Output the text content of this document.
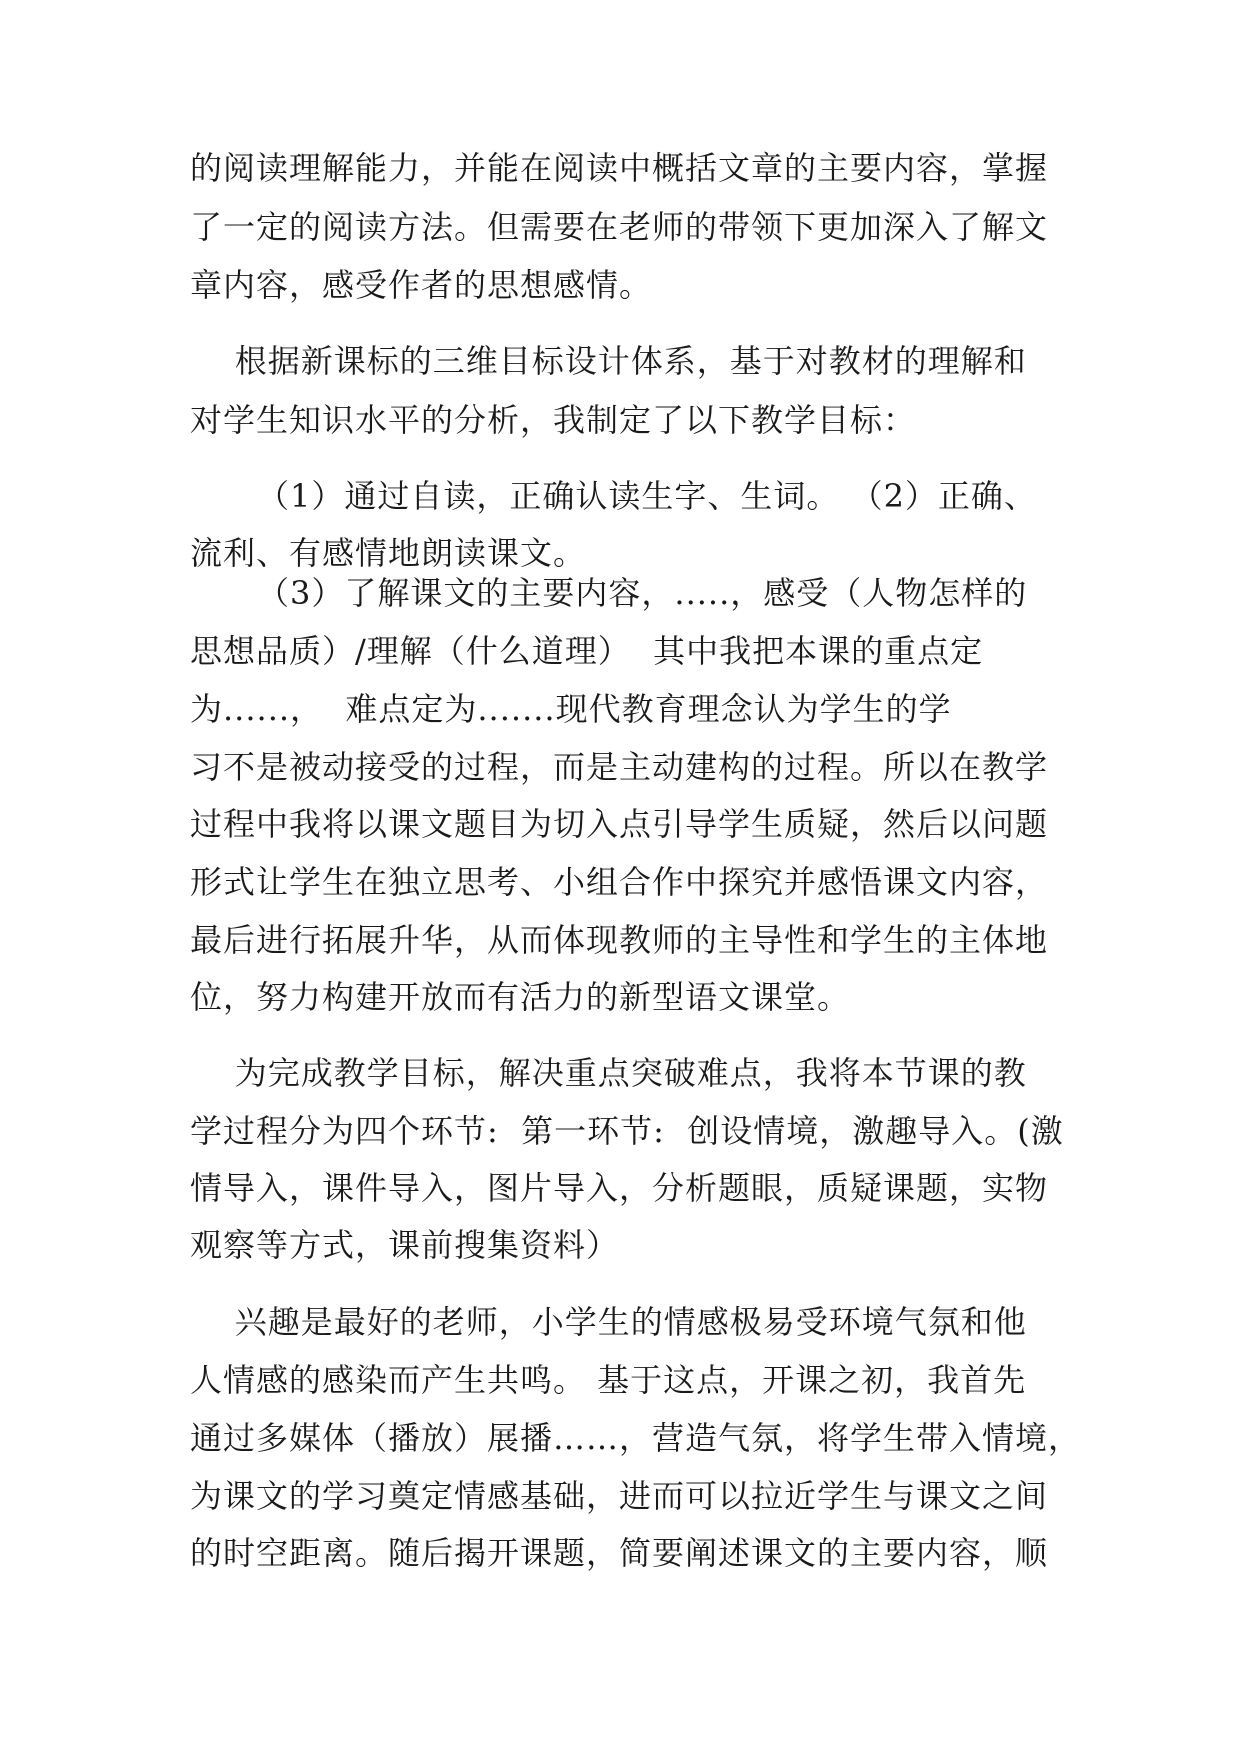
的阅读理解能力，并能在阅读中概括文章的主要内容，掌握
了一定的阅读方法。但需要在老师的带领下更加深入了解文
章内容，感受作者的思想感情。
根据新课标的三维目标设计体系，基于对教材的理解和
对学生知识水平的分析，我制定了以下教学目标：
（1）通过自读，正确认读生字、生词。 （2）正确、
流利、有感情地朗读课文。
（3）了解课文的主要内容，.....，感受（人物怎样的
思想品质）/理解（什么道理）  其中我把本课的重点定
为......，  难点定为.......现代教育理念认为学生的学
习不是被动接受的过程，而是主动建构的过程。所以在教学
过程中我将以课文题目为切入点引导学生质疑，然后以问题
形式让学生在独立思考、小组合作中探究并感悟课文内容，
最后进行拓展升华，从而体现教师的主导性和学生的主体地
位，努力构建开放而有活力的新型语文课堂。
为完成教学目标，解决重点突破难点，我将本节课的教
学过程分为四个环节:  第一环节:  创设情境，激趣导入。(激
情导入，课件导入，图片导入，分析题眼，质疑课题，实物
观察等方式，课前搜集资料）
兴趣是最好的老师，小学生的情感极易受环境气氛和他
人情感的感染而产生共鸣。 基于这点，开课之初，我首先
通过多媒体（播放）展播……，营造气氛，将学生带入情境，
为课文的学习奠定情感基础，进而可以拉近学生与课文之间
的时空距离。随后揭开课题，简要阐述课文的主要内容，顺
